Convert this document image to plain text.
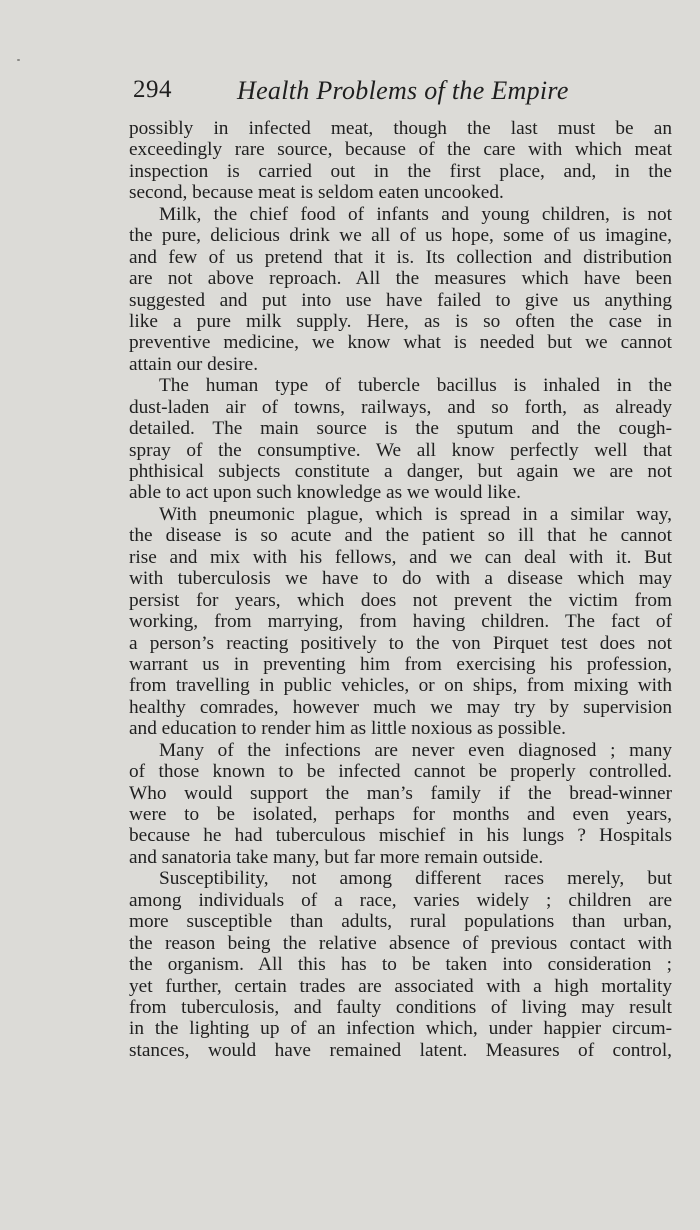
294	Health Problems of the Empire
possibly in infected meat, though the last must be an
exceedingly rare source, because of the care with which meat
inspection is carried out in the first place, and, in the
second, because meat is seldom eaten uncooked.
Milk, the chief food of infants and young children, is not
the pure, delicious drink we all of us hope, some of us imagine,
and few of us pretend that it is. Its collection and distribution
are not above reproach. All the measures which have been
suggested and put into use have failed to give us anything
like a pure milk supply. Here, as is so often the case in
preventive medicine, we know what is needed but we cannot
attain our desire.
The human type of tubercle bacillus is inhaled in the
dust-laden air of towns, railways, and so forth, as already
detailed. The main source is the sputum and the cough-
spray of the consumptive. We all know perfectly well that
phthisical subjects constitute a danger, but again we are not
able to act upon such knowledge as we would like.
With pneumonic plague, which is spread in a similar way,
the disease is so acute and the patient so ill that he cannot
rise and mix with his fellows, and we can deal with it. But
with tuberculosis we have to do with a disease which may
persist for years, which does not prevent the victim from
working, from marrying, from having children. The fact of
a person’s reacting positively to the von Pirquet test does not
warrant us in preventing him from exercising his profession,
from travelling in public vehicles, or on ships, from mixing with
healthy comrades, however much we may try by supervision
and education to render him as little noxious as possible.
Many of the infections are never even diagnosed ; many
of those known to be infected cannot be properly controlled.
Who would support the man’s family if the bread-winner
were to be isolated, perhaps for months and even years,
because he had tuberculous mischief in his lungs ? Hospitals
and sanatoria take many, but far more remain outside.
Susceptibility, not among different races merely, but
among individuals of a race, varies widely ; children are
more susceptible than adults, rural populations than urban,
the reason being the relative absence of previous contact with
the organism. All this has to be taken into consideration ;
yet further, certain trades are associated with a high mortality
from tuberculosis, and faulty conditions of living may result
in the lighting up of an infection which, under happier circum-
stances, would have remained latent. Measures of control,
